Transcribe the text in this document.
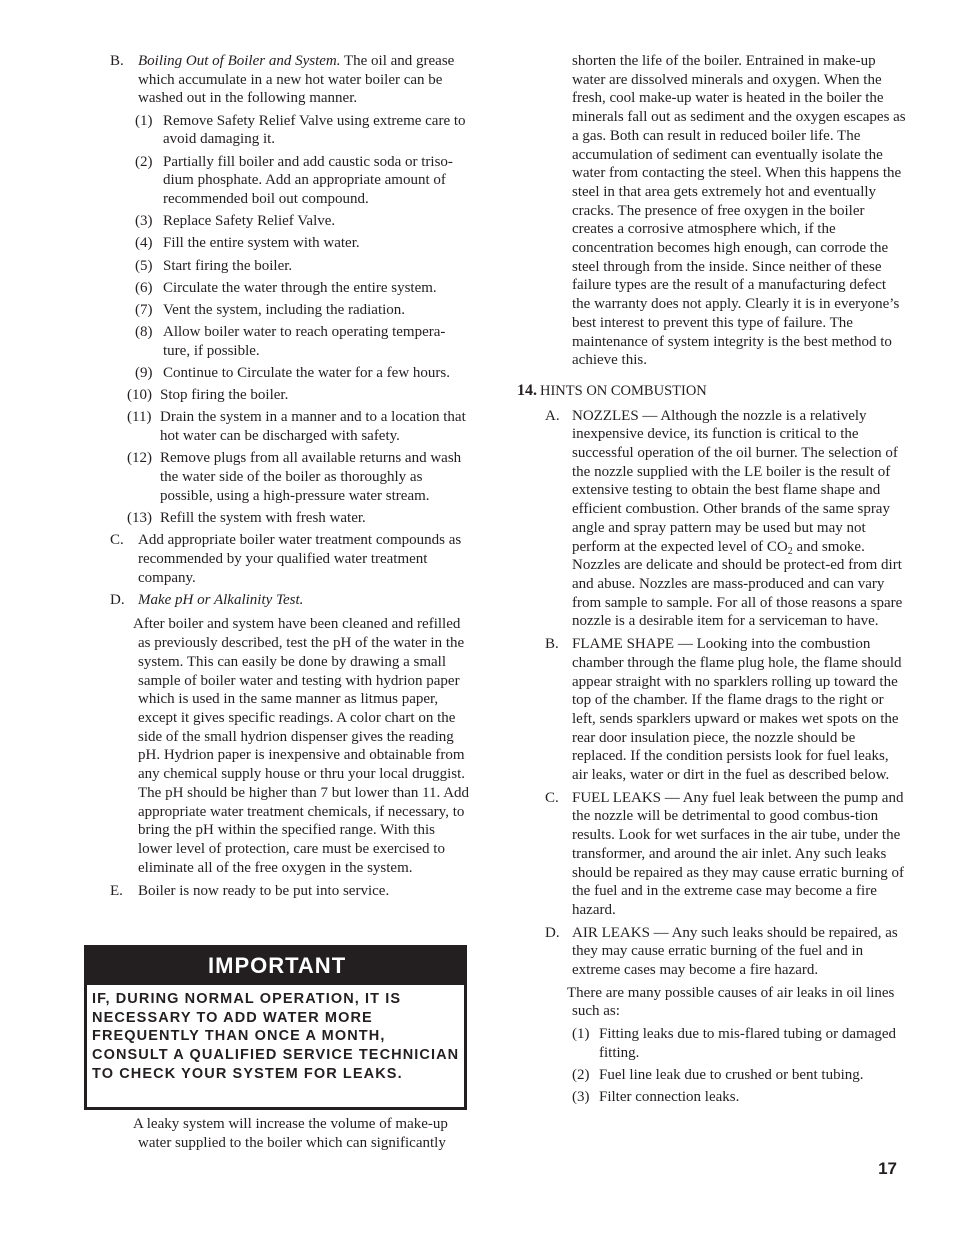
B. Boiling Out of Boiler and System. The oil and grease which accumulate in a new hot water boiler can be washed out in the following manner.

(1) Remove Safety Relief Valve using extreme care to avoid damaging it.

(2) Partially fill boiler and add caustic soda or triso-dium phosphate. Add an appropriate amount of recommended boil out compound.

(3) Replace Safety Relief Valve.

(4) Fill the entire system with water.

(5) Start firing the boiler.

(6) Circulate the water through the entire system.

(7) Vent the system, including the radiation.

(8) Allow boiler water to reach operating tempera-ture, if possible.

(9) Continue to Circulate the water for a few hours.

(10) Stop firing the boiler.

(11) Drain the system in a manner and to a location that hot water can be discharged with safety.

(12) Remove plugs from all available returns and wash the water side of the boiler as thoroughly as possible, using a high-pressure water stream.

(13) Refill the system with fresh water.

C. Add appropriate boiler water treatment compounds as recommended by your qualified water treatment company.

D. Make pH or Alkalinity Test.

After boiler and system have been cleaned and refilled as previously described, test the pH of the water in the system. This can easily be done by drawing a small sample of boiler water and testing with hydrion paper which is used in the same manner as litmus paper, except it gives specific readings. A color chart on the side of the small hydrion dispenser gives the reading pH. Hydrion paper is inexpensive and obtainable from any chemical supply house or thru your local druggist. The pH should be higher than 7 but lower than 11. Add appropriate water treatment chemicals, if necessary, to bring the pH within the specified range. With this lower level of protection, care must be exercised to eliminate all of the free oxygen in the system.

E. Boiler is now ready to be put into service.

IMPORTANT
IF, DURING NORMAL OPERATION, IT IS NECESSARY TO ADD WATER MORE FREQUENTLY THAN ONCE A MONTH, CONSULT A QUALIFIED SERVICE TECHNICIAN TO CHECK YOUR SYSTEM FOR LEAKS.

A leaky system will increase the volume of make-up water supplied to the boiler which can significantly

shorten the life of the boiler. Entrained in make-up water are dissolved minerals and oxygen. When the fresh, cool make-up water is heated in the boiler the minerals fall out as sediment and the oxygen escapes as a gas. Both can result in reduced boiler life. The accumulation of sediment can eventually isolate the water from contacting the steel. When this happens the steel in that area gets extremely hot and eventually cracks. The presence of free oxygen in the boiler creates a corrosive atmosphere which, if the concentration becomes high enough, can corrode the steel through from the inside. Since neither of these failure types are the result of a manufacturing defect the warranty does not apply. Clearly it is in everyone’s best interest to prevent this type of failure. The maintenance of system integrity is the best method to achieve this.

14. HINTS ON COMBUSTION
A. NOZZLES — Although the nozzle is a relatively inexpensive device, its function is critical to the successful operation of the oil burner. The selection of the nozzle supplied with the LE boiler is the result of extensive testing to obtain the best flame shape and efficient combustion. Other brands of the same spray angle and spray pattern may be used but may not perform at the expected level of $CO_2$ and smoke. Nozzles are delicate and should be protect-ed from dirt and abuse. Nozzles are mass-produced and can vary from sample to sample. For all of those reasons a spare nozzle is a desirable item for a serviceman to have.

B. FLAME SHAPE — Looking into the combustion chamber through the flame plug hole, the flame should appear straight with no sparklers rolling up toward the top of the chamber. If the flame drags to the right or left, sends sparklers upward or makes wet spots on the rear door insulation piece, the nozzle should be replaced. If the condition persists look for fuel leaks, air leaks, water or dirt in the fuel as described below.

C. FUEL LEAKS — Any fuel leak between the pump and the nozzle will be detrimental to good combus-tion results. Look for wet surfaces in the air tube, under the transformer, and around the air inlet. Any such leaks should be repaired as they may cause erratic burning of the fuel and in the extreme case may become a fire hazard.

D. AIR LEAKS — Any such leaks should be repaired, as they may cause erratic burning of the fuel and in extreme cases may become a fire hazard.

There are many possible causes of air leaks in oil lines such as:

(1) Fitting leaks due to mis-flared tubing or damaged fitting.

(2) Fuel line leak due to crushed or bent tubing.

(3) Filter connection leaks.

17
